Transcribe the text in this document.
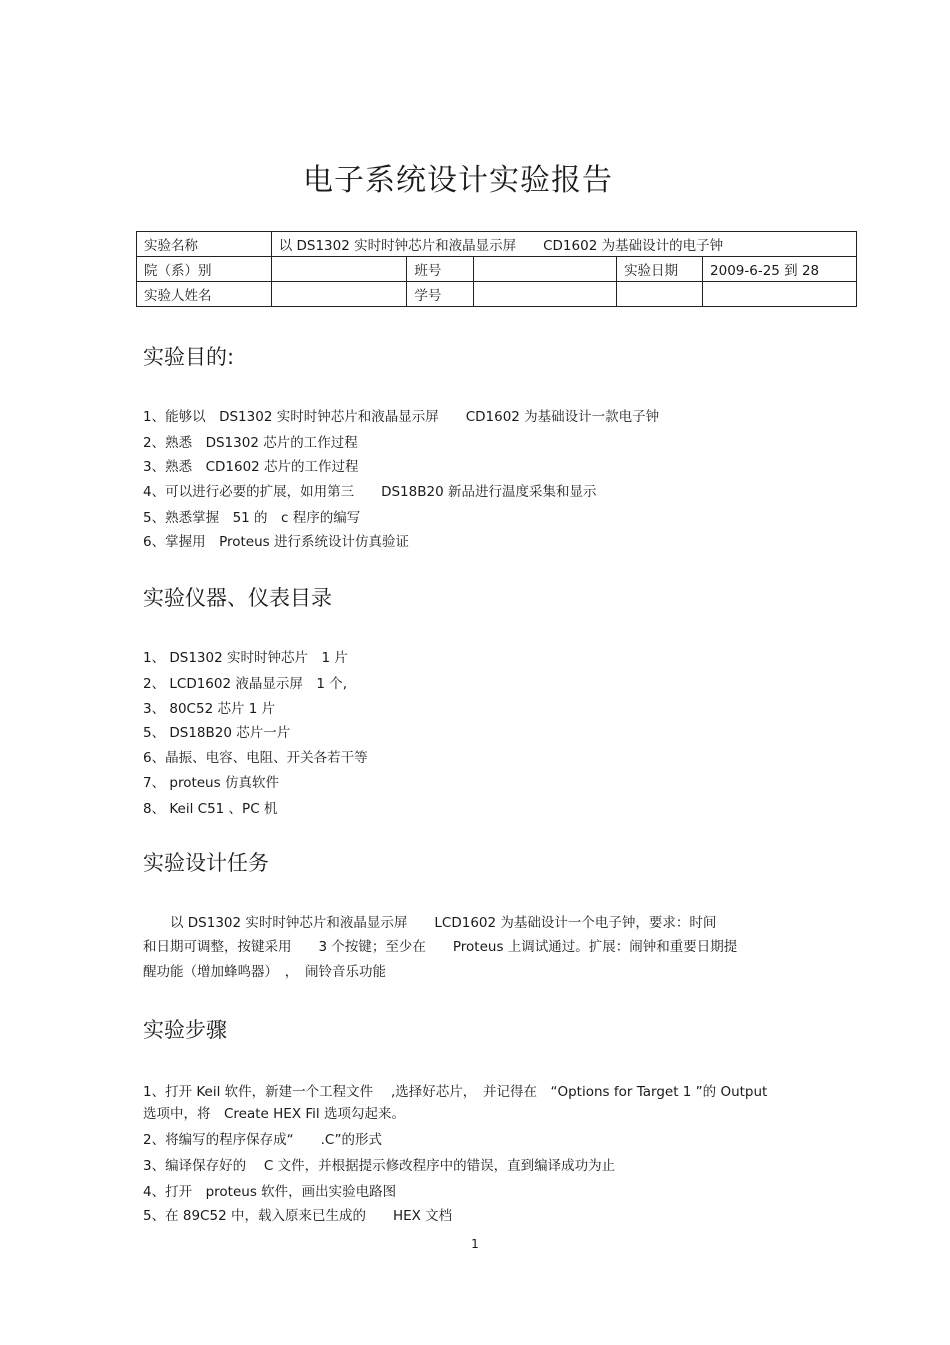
电子系统设计实验报告
实验名称	以 DS1302 实时时钟芯片和液晶显示屏　　CD1602 为基础设计的电子钟				
院（系）别		班号		实验日期	2009-6-25 到 28
实验人姓名		学号			
实验目的:
1、能够以　DS1302 实时时钟芯片和液晶显示屏　　CD1602 为基础设计一款电子钟
2、熟悉　DS1302 芯片的工作过程
3、熟悉　CD1602 芯片的工作过程
4、可以进行必要的扩展，如用第三　　DS18B20 新品进行温度采集和显示
5、熟悉掌握　51 的　c 程序的编写
6、掌握用　Proteus 进行系统设计仿真验证
实验仪器、仪表目录
1、 DS1302 实时时钟芯片　1 片
2、 LCD1602 液晶显示屏　1 个,
3、 80C52 芯片 1 片
5、 DS18B20 芯片一片
6、晶振、电容、电阻、开关各若干等
7、 proteus 仿真软件
8、 Keil C51 、PC 机
实验设计任务
　　以 DS1302 实时时钟芯片和液晶显示屏　　LCD1602 为基础设计一个电子钟，要求：时间
和日期可调整，按键采用　　3 个按键；至少在　　Proteus 上调试通过。扩展：闹钟和重要日期提
醒功能（增加蜂鸣器）　，　闹铃音乐功能
实验步骤
1、打开 Keil 软件，新建一个工程文件　 ,选择好芯片，　并记得在　“Options for Target 1 ”的 Output
选项中，将　Create HEX Fil 选项勾起来。
2、将编写的程序保存成“　　.C”的形式
3、编译保存好的　 C 文件，并根据提示修改程序中的错误，直到编译成功为止
4、打开　proteus 软件，画出实验电路图
5、在 89C52 中，载入原来已生成的　　HEX 文档
1
